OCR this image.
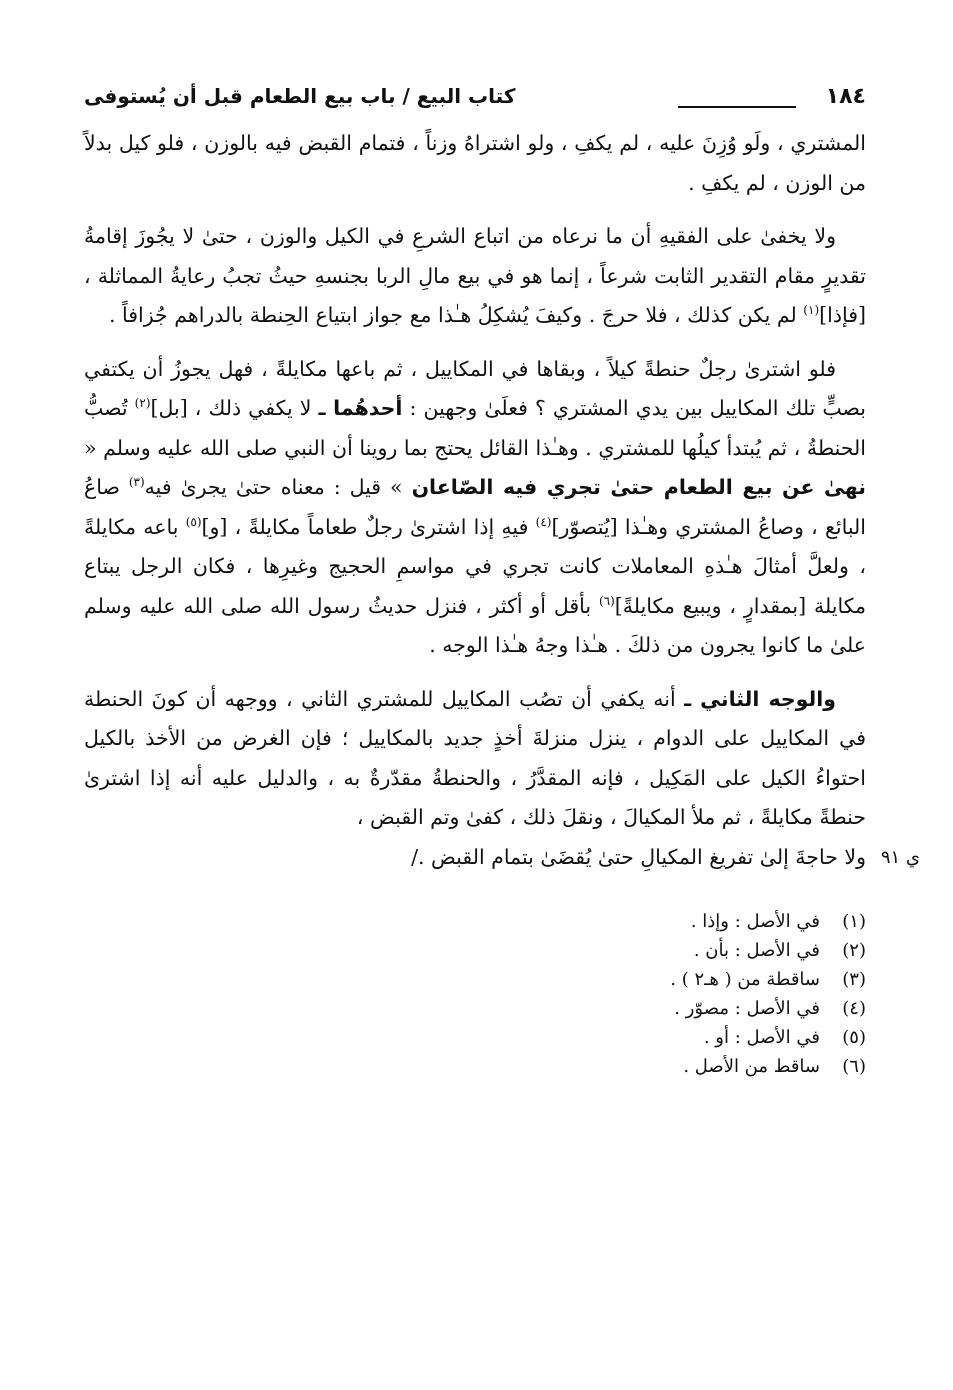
١٨٤
كتاب البيع / باب بيع الطعام قبل أن يُستوفى

المشتري ، ولَو وُزِنَ عليه ، لم يكفِ ، ولو اشتراهُ وزناً ، فتمام القبض فيه بالوزن ، فلو كيل بدلاً من الوزن ، لم يكفِ .

ولا يخفىٰ على الفقيهِ أن ما نرعاه من اتباع الشرعِ في الكيل والوزن ، حتىٰ لا يجُوزَ إقامةُ تقديرٍ مقام التقدير الثابت شرعاً ، إنما هو في بيع مالِ الربا بجنسهِ حيثُ تجبُ رعايةُ المماثلة ، [فإذا]$^{(١)}$ لم يكن كذلك ، فلا حرجَ . وكيفَ يُشكِلُ هـٰذا مع جواز ابتياع الحِنطة بالدراهم جُزافاً .

فلو اشترىٰ رجلٌ حنطةً كيلاً ، وبقاها في المكاييل ، ثم باعها مكايلةً ، فهل يجوزُ أن يكتفي بصبٍّ تلك المكاييل بين يدي المشتري ؟ فعلَىٰ وجهين : أحدهُما ـ لا يكفي ذلك ، [بل]$^{(٢)}$ تُصبُّ الحنطةُ ، ثم يُبتدأ كيلُها للمشتري . وهـٰذا القائل يحتج بما روينا أن النبي صلى الله عليه وسلم « نهىٰ عن بيع الطعام حتىٰ تجري فيه الصّاعان » قيل : معناه حتىٰ يجرىٰ فيه$^{(٣)}$ صاعُ البائع ، وصاعُ المشتري وهـٰذا [يُتصوّر]$^{(٤)}$ فيهِ إذا اشترىٰ رجلٌ طعاماً مكايلةً ، [و]$^{(٥)}$ باعه مكايلةً ، ولعلَّ أمثالَ هـٰذهِ المعاملات كانت تجري في مواسمِ الحجيج وغيرِها ، فكان الرجل يبتاع مكايلة [بمقدارٍ ، ويبيع مكايلةً]$^{(٦)}$ بأقل أو أكثر ، فنزل حديثُ رسول الله صلى الله عليه وسلم علىٰ ما كانوا يجرون من ذلكَ . هـٰذا وجهُ هـٰذا الوجه .

والوجه الثاني ـ أنه يكفي أن تصُب المكاييل للمشتري الثاني ، ووجهه أن كونَ الحنطة في المكاييل على الدوام ، ينزل منزلةَ أخذٍ جديد بالمكاييل ؛ فإن الغرض من الأخذ بالكيل احتواءُ الكيل على المَكِيل ، فإنه المقدَّرُ ، والحنطةُ مقدّرةٌ به ، والدليل عليه أنه إذا اشترىٰ حنطةً مكايلةً ، ثم ملأ المكيالَ ، ونقلَ ذلك ، كفىٰ وتم القبض ،

ولا حاجةَ إلىٰ تفريغ المكيالِ حتىٰ يُقضَىٰ بتمام القبض ./ ي ٩١

(١)
في الأصل : وإذا .
(٢)
في الأصل : بأن .
(٣)
ساقطة من ( هـ٢ ) .
(٤)
في الأصل : مصوّر .
(٥)
في الأصل : أو .
(٦)
ساقط من الأصل .
